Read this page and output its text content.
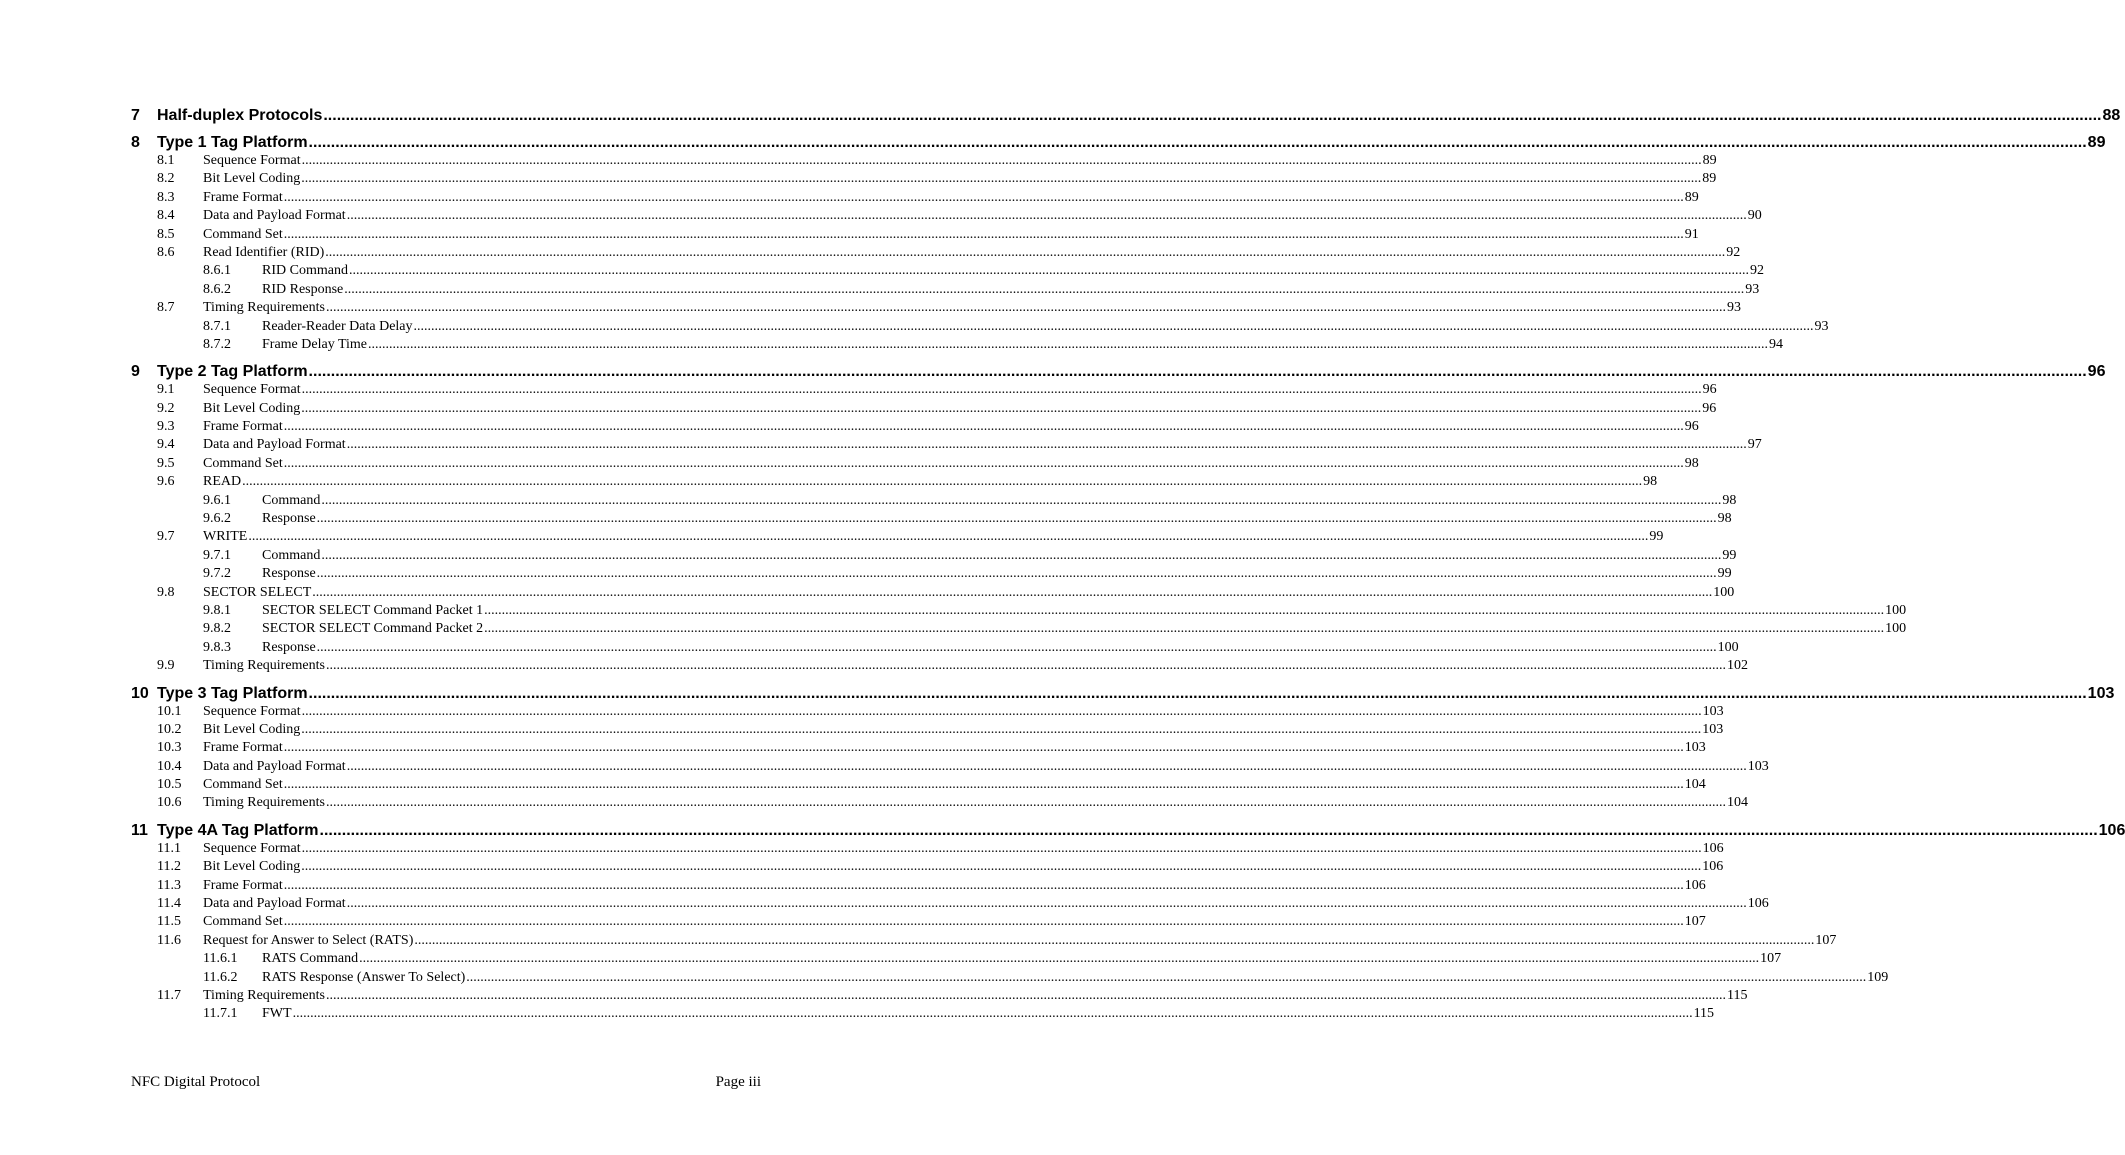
7	Half-duplex Protocols ................................................................................................................................................................................................................................................................................................................................................................................................................ 88
8	Type 1 Tag Platform ................................................................................................................................................................................................................................................................................................................................................................................................................ 89
8.1	Sequence Format ................................................................................................................................................................................................................................................................................................................................................................................................................ 89
8.2	Bit Level Coding ................................................................................................................................................................................................................................................................................................................................................................................................................ 89
8.3	Frame Format ................................................................................................................................................................................................................................................................................................................................................................................................................ 89
8.4	Data and Payload Format ................................................................................................................................................................................................................................................................................................................................................................................................................ 90
8.5	Command Set ................................................................................................................................................................................................................................................................................................................................................................................................................ 91
8.6	Read Identifier (RID) ................................................................................................................................................................................................................................................................................................................................................................................................................ 92
8.6.1	RID Command ................................................................................................................................................................................................................................................................................................................................................................................................................ 92
8.6.2	RID Response ................................................................................................................................................................................................................................................................................................................................................................................................................ 93
8.7	Timing Requirements ................................................................................................................................................................................................................................................................................................................................................................................................................ 93
8.7.1	Reader-Reader Data Delay ................................................................................................................................................................................................................................................................................................................................................................................................................ 93
8.7.2	Frame Delay Time ................................................................................................................................................................................................................................................................................................................................................................................................................ 94
9	Type 2 Tag Platform ................................................................................................................................................................................................................................................................................................................................................................................................................ 96
9.1	Sequence Format ................................................................................................................................................................................................................................................................................................................................................................................................................ 96
9.2	Bit Level Coding ................................................................................................................................................................................................................................................................................................................................................................................................................ 96
9.3	Frame Format ................................................................................................................................................................................................................................................................................................................................................................................................................ 96
9.4	Data and Payload Format ................................................................................................................................................................................................................................................................................................................................................................................................................ 97
9.5	Command Set ................................................................................................................................................................................................................................................................................................................................................................................................................ 98
9.6	READ ................................................................................................................................................................................................................................................................................................................................................................................................................ 98
9.6.1	Command ................................................................................................................................................................................................................................................................................................................................................................................................................ 98
9.6.2	Response ................................................................................................................................................................................................................................................................................................................................................................................................................ 98
9.7	WRITE ................................................................................................................................................................................................................................................................................................................................................................................................................ 99
9.7.1	Command ................................................................................................................................................................................................................................................................................................................................................................................................................ 99
9.7.2	Response ................................................................................................................................................................................................................................................................................................................................................................................................................ 99
9.8	SECTOR SELECT ................................................................................................................................................................................................................................................................................................................................................................................................................ 100
9.8.1	SECTOR SELECT Command Packet 1 ................................................................................................................................................................................................................................................................................................................................................................................................................ 100
9.8.2	SECTOR SELECT Command Packet 2 ................................................................................................................................................................................................................................................................................................................................................................................................................ 100
9.8.3	Response ................................................................................................................................................................................................................................................................................................................................................................................................................ 100
9.9	Timing Requirements ................................................................................................................................................................................................................................................................................................................................................................................................................ 102
10 Type 3 Tag Platform ................................................................................................................................................................................................................................................................................................................................................................................................................ 103
10.1	Sequence Format ................................................................................................................................................................................................................................................................................................................................................................................................................ 103
10.2	Bit Level Coding ................................................................................................................................................................................................................................................................................................................................................................................................................ 103
10.3	Frame Format ................................................................................................................................................................................................................................................................................................................................................................................................................ 103
10.4	Data and Payload Format ................................................................................................................................................................................................................................................................................................................................................................................................................ 103
10.5	Command Set ................................................................................................................................................................................................................................................................................................................................................................................................................ 104
10.6	Timing Requirements ................................................................................................................................................................................................................................................................................................................................................................................................................ 104
11 Type 4A Tag Platform ................................................................................................................................................................................................................................................................................................................................................................................................................ 106
11.1	Sequence Format ................................................................................................................................................................................................................................................................................................................................................................................................................ 106
11.2	Bit Level Coding ................................................................................................................................................................................................................................................................................................................................................................................................................ 106
11.3	Frame Format ................................................................................................................................................................................................................................................................................................................................................................................................................ 106
11.4	Data and Payload Format ................................................................................................................................................................................................................................................................................................................................................................................................................ 106
11.5	Command Set ................................................................................................................................................................................................................................................................................................................................................................................................................ 107
11.6	Request for Answer to Select (RATS) ................................................................................................................................................................................................................................................................................................................................................................................................................ 107
11.6.1	RATS Command ................................................................................................................................................................................................................................................................................................................................................................................................................ 107
11.6.2	RATS Response (Answer To Select) ................................................................................................................................................................................................................................................................................................................................................................................................................ 109
11.7	Timing Requirements ................................................................................................................................................................................................................................................................................................................................................................................................................ 115
11.7.1	FWT ................................................................................................................................................................................................................................................................................................................................................................................................................ 115
NFC Digital Protocol	Page iii
